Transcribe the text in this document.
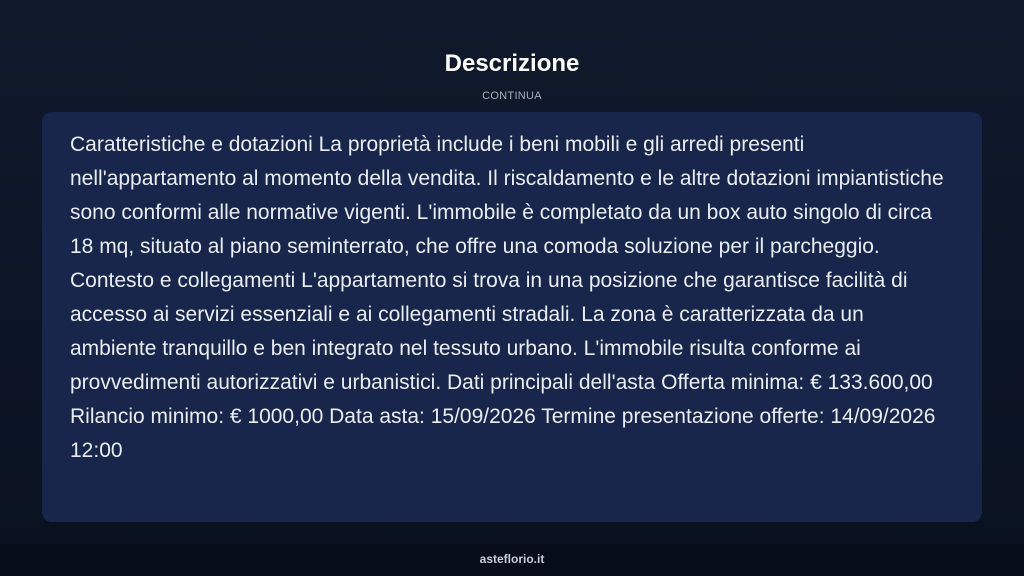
Descrizione
CONTINUA

Caratteristiche e dotazioni La proprietà include i beni mobili e gli arredi presenti nell'appartamento al momento della vendita. Il riscaldamento e le altre dotazioni impiantistiche sono conformi alle normative vigenti. L'immobile è completato da un box auto singolo di circa 18 mq, situato al piano seminterrato, che offre una comoda soluzione per il parcheggio. Contesto e collegamenti L'appartamento si trova in una posizione che garantisce facilità di accesso ai servizi essenziali e ai collegamenti stradali. La zona è caratterizzata da un ambiente tranquillo e ben integrato nel tessuto urbano. L'immobile risulta conforme ai provvedimenti autorizzativi e urbanistici. Dati principali dell'asta Offerta minima: € 133.600,00 Rilancio minimo: € 1000,00 Data asta: 15/09/2026 Termine presentazione offerte: 14/09/2026 12:00

asteflorio.it
